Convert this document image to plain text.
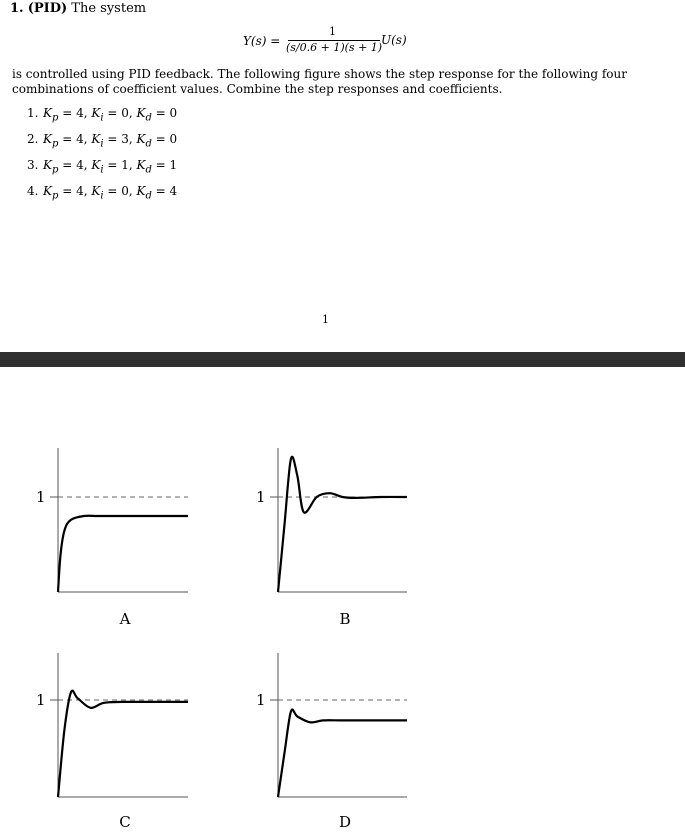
1. (PID) The system
Y(s) =
1
(s/0.6 + 1)(s + 1)
U(s)
is controlled using PID feedback. The following figure shows the step response for the following four combinations of coefficient values. Combine the step responses and coefficients.
1. $K_p = 4$, $K_i = 0$, $K_d = 0$
2. $K_p = 4$, $K_i = 3$, $K_d = 0$
3. $K_p = 4$, $K_i = 1$, $K_d = 1$
4. $K_p = 4$, $K_i = 0$, $K_d = 4$
1
1
A
1
B
1
C
1
D
